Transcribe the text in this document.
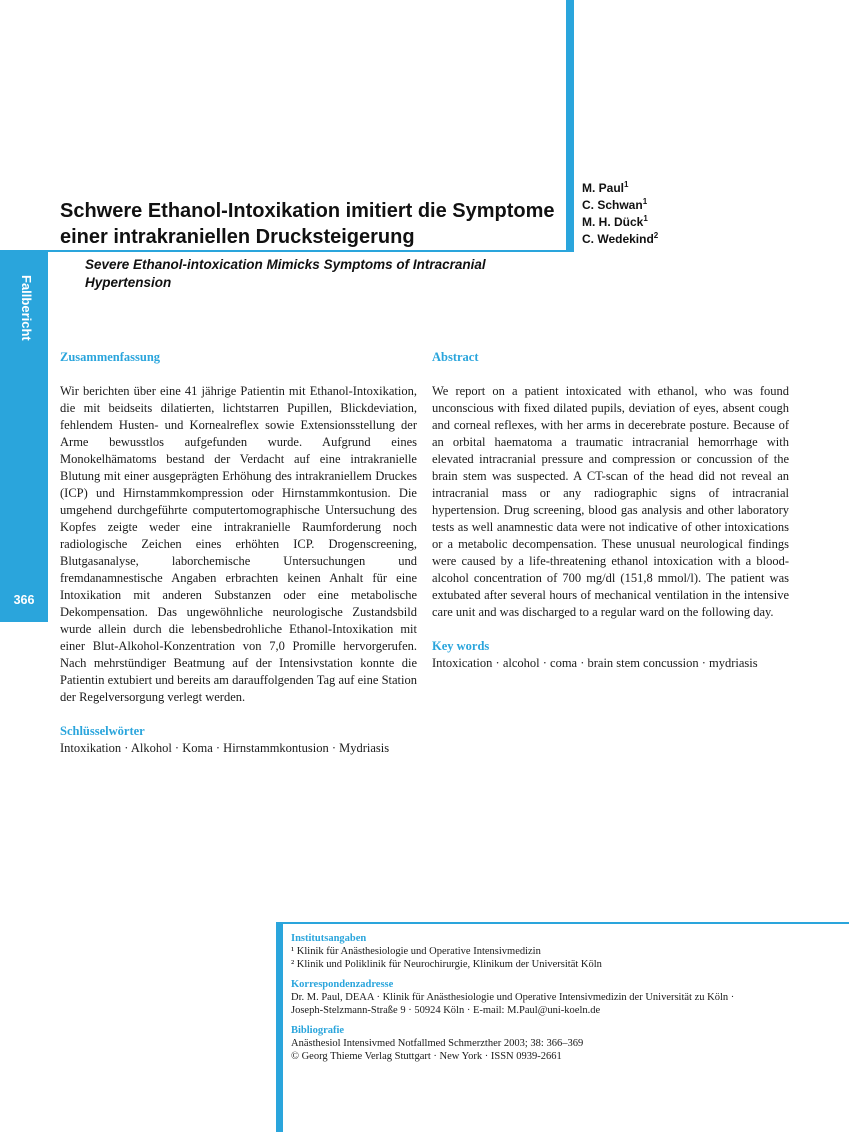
Schwere Ethanol-Intoxikation imitiert die Symptome
einer intrakraniellen Drucksteigerung

Severe Ethanol-intoxication Mimicks Symptoms of Intracranial Hypertension

M. Paul$^1$
C. Schwan$^1$
M. H. Dück$^1$
C. Wedekind$^2$
Fallbericht
366

Zusammenfassung

Wir berichten über eine 41 jährige Patientin mit Ethanol-Intoxikation, die mit beidseits dilatierten, lichtstarren Pupillen, Blickdeviation, fehlendem Husten- und Kornealreflex sowie Extensionsstellung der Arme bewusstlos aufgefunden wurde. Aufgrund eines Monokelhämatoms bestand der Verdacht auf eine intrakranielle Blutung mit einer ausgeprägten Erhöhung des intrakraniellem Druckes (ICP) und Hirnstammkompression oder Hirnstammkontusion. Die umgehend durchgeführte computertomographische Untersuchung des Kopfes zeigte weder eine intrakranielle Raumforderung noch radiologische Zeichen eines erhöhten ICP. Drogenscreening, Blutgasanalyse, laborchemische Untersuchungen und fremdanamnestische Angaben erbrachten keinen Anhalt für eine Intoxikation mit anderen Substanzen oder eine metabolische Dekompensation. Das ungewöhnliche neurologische Zustandsbild wurde allein durch die lebensbedrohliche Ethanol-Intoxikation mit einer Blut-Alkohol-Konzentration von 7,0 Promille hervorgerufen. Nach mehrstündiger Beatmung auf der Intensivstation konnte die Patientin extubiert und bereits am darauffolgenden Tag auf eine Station der Regelversorgung verlegt werden.

Schlüsselwörter

Intoxikation · Alkohol · Koma · Hirnstammkontusion · Mydriasis

Abstract

We report on a patient intoxicated with ethanol, who was found unconscious with fixed dilated pupils, deviation of eyes, absent cough and corneal reflexes, with her arms in decerebrate posture. Because of an orbital haematoma a traumatic intracranial hemorrhage with elevated intracranial pressure and compression or concussion of the brain stem was suspected. A CT-scan of the head did not reveal an intracranial mass or any radiographic signs of intracranial hypertension. Drug screening, blood gas analysis and other laboratory tests as well anamnestic data were not indicative of other intoxications or a metabolic decompensation. These unusual neurological findings were caused by a life-threatening ethanol intoxication with a blood-alcohol concentration of 700 mg/dl (151,8 mmol/l). The patient was extubated after several hours of mechanical ventilation in the intensive care unit and was discharged to a regular ward on the following day.

Key words

Intoxication · alcohol · coma · brain stem concussion · mydriasis

Institutsangaben

¹ Klinik für Anästhesiologie und Operative Intensivmedizin

² Klinik und Poliklinik für Neurochirurgie, Klinikum der Universität Köln

Korrespondenzadresse

Dr. M. Paul, DEAA · Klinik für Anästhesiologie und Operative Intensivmedizin der Universität zu Köln ·

Joseph-Stelzmann-Straße 9 · 50924 Köln · E-mail: M.Paul@uni-koeln.de

Bibliografie

Anästhesiol Intensivmed Notfallmed Schmerzther 2003; 38: 366–369

© Georg Thieme Verlag Stuttgart · New York · ISSN 0939-2661
